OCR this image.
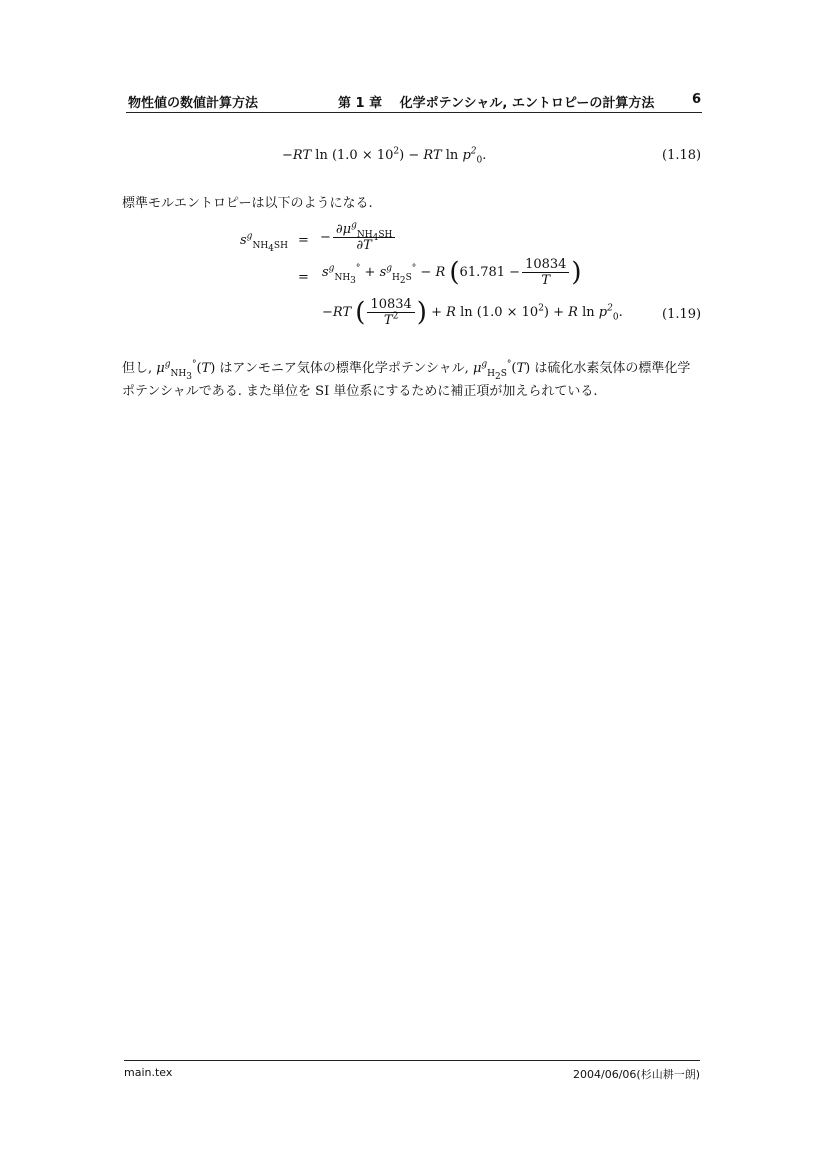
物性値の数値計算方法	第 1 章　 化学ポテンシャル, エントロピーの計算方法	6
−RT $\ln (1.0 \times 10^2)$ − RT $\ln p^2_0$.	(1.18)
標準モルエントロピーは以下のようになる.
$s^g_{NH_4SH}$ = − $\frac{\partial\mu^g_{NH_4SH}}{\partial T}$
= $s^g_{NH_3}^\circ + s^g_{H_2S}^\circ - R$ ($61.781 - \frac{10834}{T}$ )
−RT ( $\frac{10834}{T^2}$ ) + R $\ln (1.0 \times 10^2) + R$ $\ln p^2_0$.	(1.19)
但し, $\mu^g_{NH_3}^\circ(T)$ はアンモニア気体の標準化学ポテンシャル, $\mu^g_{H_2S}^\circ(T)$ は硫化水素気体の標準化学
ポテンシャルである. また単位を SI 単位系にするために補正項が加えられている.
main.tex	2004/06/06(杉山耕一朗)
